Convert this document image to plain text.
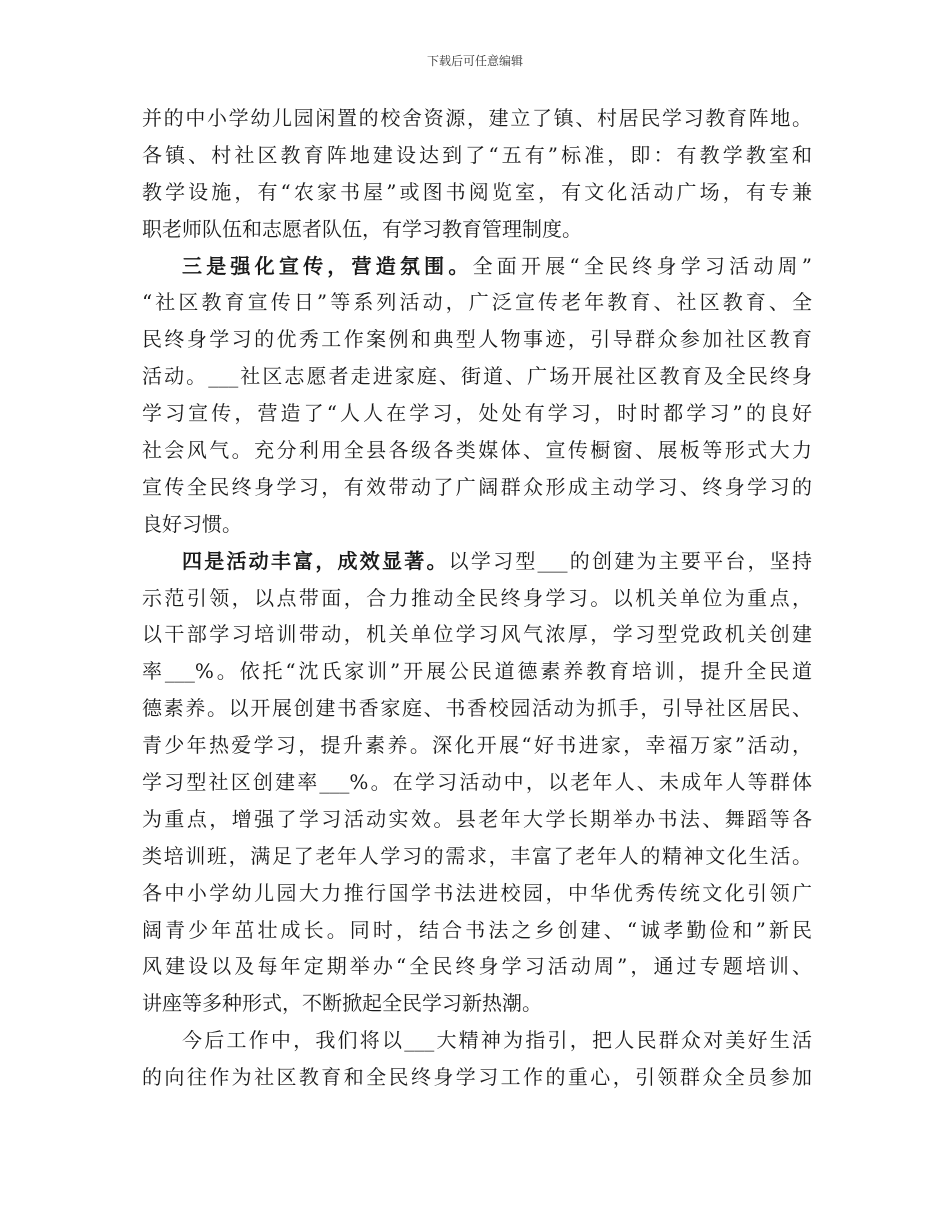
下载后可任意编辑
并的中小学幼儿园闲置的校舍资源，建立了镇、村居民学习教育阵地。
各镇、村社区教育阵地建设达到了“五有”标准，即：有教学教室和
教学设施，有“农家书屋”或图书阅览室，有文化活动广场，有专兼
职老师队伍和志愿者队伍，有学习教育管理制度。
三是强化宣传，营造氛围。全面开展“全民终身学习活动周”
“社区教育宣传日”等系列活动，广泛宣传老年教育、社区教育、全
民终身学习的优秀工作案例和典型人物事迹，引导群众参加社区教育
活动。___社区志愿者走进家庭、街道、广场开展社区教育及全民终身
学习宣传，营造了“人人在学习，处处有学习，时时都学习”的良好
社会风气。充分利用全县各级各类媒体、宣传橱窗、展板等形式大力
宣传全民终身学习，有效带动了广阔群众形成主动学习、终身学习的
良好习惯。
四是活动丰富，成效显著。以学习型___的创建为主要平台，坚持
示范引领，以点带面，合力推动全民终身学习。以机关单位为重点，
以干部学习培训带动，机关单位学习风气浓厚，学习型党政机关创建
率___%。依托“沈氏家训”开展公民道德素养教育培训，提升全民道
德素养。以开展创建书香家庭、书香校园活动为抓手，引导社区居民、
青少年热爱学习，提升素养。深化开展“好书进家，幸福万家”活动，
学习型社区创建率___%。在学习活动中，以老年人、未成年人等群体
为重点，增强了学习活动实效。县老年大学长期举办书法、舞蹈等各
类培训班，满足了老年人学习的需求，丰富了老年人的精神文化生活。
各中小学幼儿园大力推行国学书法进校园，中华优秀传统文化引领广
阔青少年茁壮成长。同时，结合书法之乡创建、“诚孝勤俭和”新民
风建设以及每年定期举办“全民终身学习活动周”，通过专题培训、
讲座等多种形式，不断掀起全民学习新热潮。
今后工作中，我们将以___大精神为指引，把人民群众对美好生活
的向往作为社区教育和全民终身学习工作的重心，引领群众全员参加
